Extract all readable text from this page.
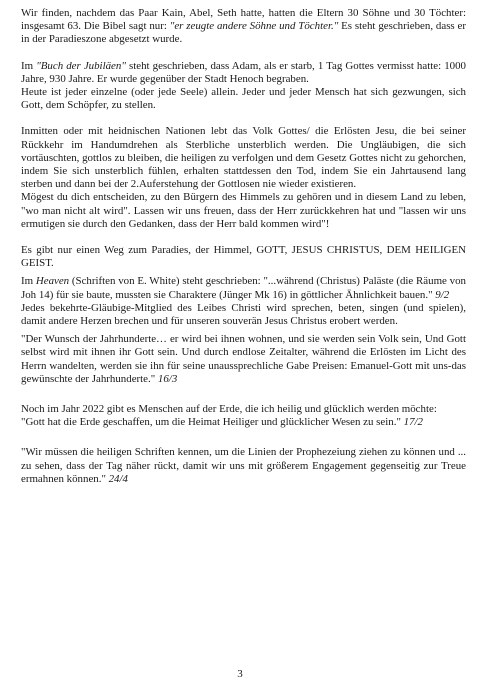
Wir finden, nachdem das Paar Kain, Abel, Seth hatte, hatten die Eltern 30 Söhne und 30 Töchter: insgesamt 63. Die Bibel sagt nur: "er zeugte andere Söhne und Töchter." Es steht geschrieben, dass er in der Paradieszone abgesetzt wurde.

Im "Buch der Jubiläen" steht geschrieben, dass Adam, als er starb, 1 Tag Gottes vermisst hatte: 1000 Jahre, 930 Jahre. Er wurde gegenüber der Stadt Henoch begraben.

Heute ist jeder einzelne (oder jede Seele) allein. Jeder und jeder Mensch hat sich gezwungen, sich Gott, dem Schöpfer, zu stellen.

Inmitten oder mit heidnischen Nationen lebt das Volk Gottes/ die Erlösten Jesu, die bei seiner Rückkehr im Handumdrehen als Sterbliche unsterblich werden. Die Ungläubigen, die sich vortäuschten, gottlos zu bleiben, die heiligen zu verfolgen und dem Gesetz Gottes nicht zu gehorchen, indem Sie sich unsterblich fühlen, erhalten stattdessen den Tod, indem Sie ein Jahrtausend lang sterben und dann bei der 2.Auferstehung der Gottlosen nie wieder existieren.

Mögest du dich entscheiden, zu den Bürgern des Himmels zu gehören und in diesem Land zu leben, "wo man nicht alt wird". Lassen wir uns freuen, dass der Herr zurückkehren hat und "lassen wir uns ermutigen sie durch den Gedanken, dass der Herr bald kommen wird"!

Es gibt nur einen Weg zum Paradies, der Himmel, GOTT, JESUS CHRISTUS, DEM HEILIGEN GEIST.

Im Heaven (Schriften von E. White) steht geschrieben: "...während (Christus) Paläste (die Räume von Joh 14) für sie baute, mussten sie Charaktere (Jünger Mk 16) in göttlicher Ähnlichkeit bauen." 9/2

Jedes bekehrte-Gläubige-Mitglied des Leibes Christi wird sprechen, beten, singen (und spielen), damit andere Herzen brechen und für unseren souverän Jesus Christus erobert werden.

"Der Wunsch der Jahrhunderte… er wird bei ihnen wohnen, und sie werden sein Volk sein, Und Gott selbst wird mit ihnen ihr Gott sein. Und durch endlose Zeitalter, während die Erlösten im Licht des Herrn wandelten, werden sie ihn für seine unaussprechliche Gabe Preisen: Emanuel-Gott mit uns-das gewünschte der Jahrhunderte." 16/3

Noch im Jahr 2022 gibt es Menschen auf der Erde, die ich heilig und glücklich werden möchte:

"Gott hat die Erde geschaffen, um die Heimat Heiliger und glücklicher Wesen zu sein." 17/2

"Wir müssen die heiligen Schriften kennen, um die Linien der Prophezeiung ziehen zu können und ... zu sehen, dass der Tag näher rückt, damit wir uns mit größerem Engagement gegenseitig zur Treue ermahnen können." 24/4

3
